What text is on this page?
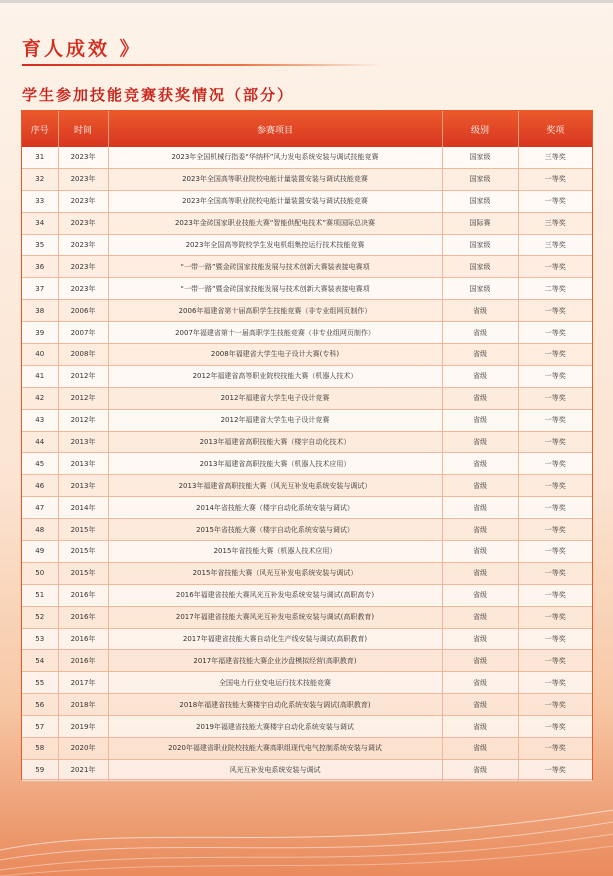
育人成效 》
学生参加技能竞赛获奖情况（部分）
序号	时间	参赛项目	级别	奖项
31	2023年	2023年全国机械行指委“华纳杯”风力发电系统安装与调试技能竞赛	国家级	三等奖
32	2023年	2023年全国高等职业院校电能计量装置安装与调试技能竞赛	国家级	一等奖
33	2023年	2023年全国高等职业院校电能计量装置安装与调试技能竞赛	国家级	一等奖
34	2023年	2023年金砖国家职业技能大赛“智能供配电技术”赛项国际总决赛	国际赛	三等奖
35	2023年	2023年全国高等院校学生发电机组集控运行技术技能竞赛	国家级	三等奖
36	2023年	“一带一路”暨金砖国家技能发展与技术创新大赛装表接电赛项	国家级	一等奖
37	2023年	“一带一路”暨金砖国家技能发展与技术创新大赛装表接电赛项	国家级	二等奖
38	2006年	2006年福建省第十届高职学生技能竞赛（非专业组网页制作）	省级	一等奖
39	2007年	2007年福建省第十一届高职学生技能竞赛（非专业组网页制作）	省级	一等奖
40	2008年	2008年福建省大学生电子设计大赛(专科)	省级	一等奖
41	2012年	2012年福建省高等职业院校技能大赛（机器人技术）	省级	一等奖
42	2012年	2012年福建省大学生电子设计竞赛	省级	一等奖
43	2012年	2012年福建省大学生电子设计竞赛	省级	一等奖
44	2013年	2013年福建省高职技能大赛（楼宇自动化技术）	省级	一等奖
45	2013年	2013年福建省高职技能大赛（机器人技术应用）	省级	一等奖
46	2013年	2013年福建省高职技能大赛（风光互补发电系统安装与调试）	省级	一等奖
47	2014年	2014年省技能大赛（楼宇自动化系统安装与调试）	省级	一等奖
48	2015年	2015年省技能大赛（楼宇自动化系统安装与调试）	省级	一等奖
49	2015年	2015年省技能大赛（机器人技术应用）	省级	一等奖
50	2015年	2015年省技能大赛（风光互补发电系统安装与调试）	省级	一等奖
51	2016年	2016年福建省技能大赛风光互补发电系统安装与调试(高职高专)	省级	一等奖
52	2016年	2017年福建省技能大赛风光互补发电系统安装与调试(高职教育)	省级	一等奖
53	2016年	2017年福建省技能大赛自动化生产线安装与调试(高职教育)	省级	一等奖
54	2016年	2017年福建省技能大赛企业沙盘模拟经营(高职教育)	省级	一等奖
55	2017年	全国电力行业变电运行技术技能竞赛	省级	一等奖
56	2018年	2018年福建省技能大赛楼宇自动化系统安装与调试(高职教育)	省级	一等奖
57	2019年	2019年福建省技能大赛楼宇自动化系统安装与调试	省级	一等奖
58	2020年	2020年福建省职业院校技能大赛高职组现代电气控制系统安装与调试	省级	一等奖
59	2021年	风光互补发电系统安装与调试	省级	一等奖
